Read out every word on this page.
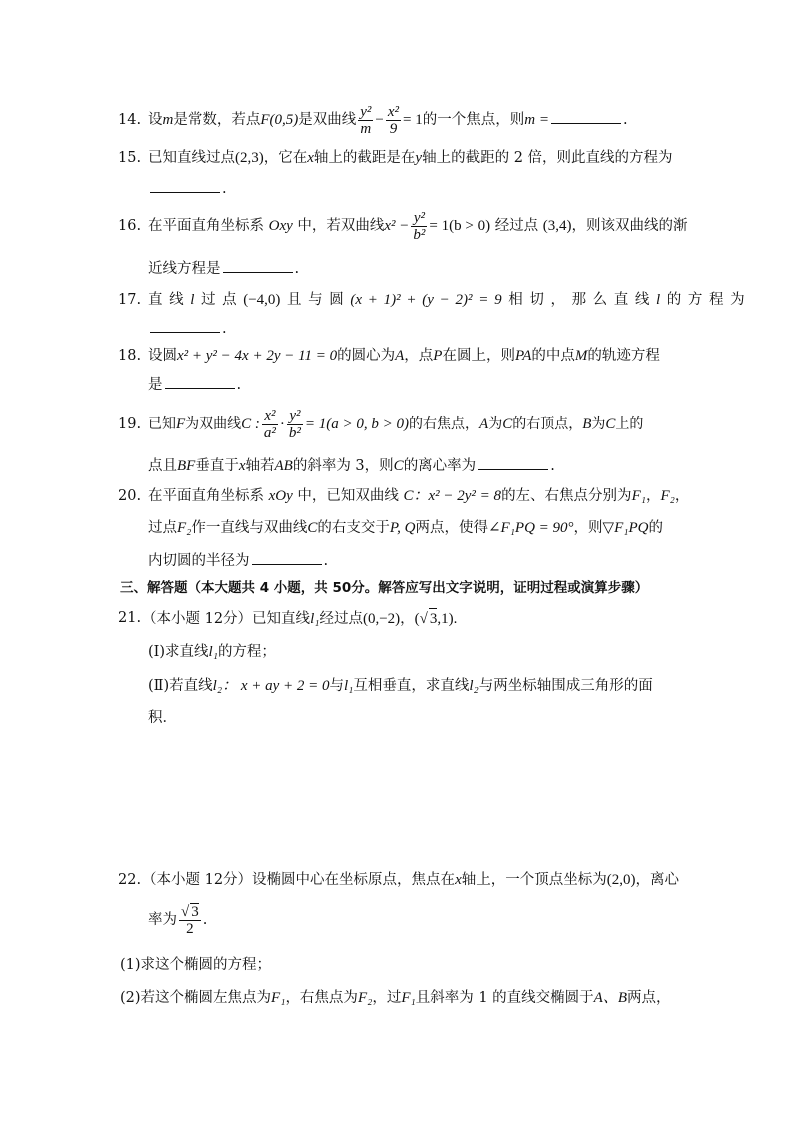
14. 设m是常数，若点F(0,5)是双曲线 $\frac{\text{y²}}{m} - \frac{\text{x²}}{9} = 1$的一个焦点，则m =	.
15. 已知直线过点(2,3)，它在x轴上的截距是在y轴上的截距的 2 倍，则此直线的方程为
.
16. 在平面直角坐标系 Oxy 中，若双曲线$x^2 - \frac{\text{y²}}{\text{b²}} = 1(b > 0)$ 经过点 (3,4)，则该双曲线的渐
近线方程是	.
17. 直 线 l 过 点 (−4,0) 且 与 圆 (x + 1)² + (y − 2)² = 9 相 切 ， 那 么 直 线 l 的 方 程 为
.
18. 设圆x² + y² − 4x + 2y − 11 = 0的圆心为A，点P在圆上，则PA的中点M的轨迹方程
是	.
19. 已知F为双曲线C : $\frac{\text{x²}}{\text{a²}} \cdot \frac{\text{y²}}{\text{b²}} = 1(a > 0$, b > 0)的右焦点，A为C的右顶点，B为C上的
点且BF垂直于x轴若AB的斜率为 3，则C的离心率为	.
20. 在平面直角坐标系 xOy 中，已知双曲线 C：x² − 2y² = 8的左、右焦点分别为F₁，F₂，
过点F₂作一直线与双曲线C的右支交于P, Q两点，使得∠F₁PQ = 90°，则▽F₁PQ的
内切圆的半径为	.
三、解答题（本大题共 4 小题，共 50分。解答应写出文字说明，证明过程或演算步骤）
21. （本小题 12分）已知直线l₁经过点(0,−2)，(√ 3,1).
(Ⅰ)求直线l₁的方程；
(Ⅱ)若直线l₂： x + ay + 2 = 0与l₁互相垂直，求直线l₂与两坐标轴围成三角形的面
积．
22. （本小题 12分）设椭圆中心在坐标原点，焦点在x轴上，一个顶点坐标为(2,0)，离心
率为 $\frac{√ 3}{2}$ .
(1)求这个椭圆的方程；
(2)若这个椭圆左焦点为F₁，右焦点为F₂，过F₁且斜率为 1 的直线交椭圆于A、B两点，
